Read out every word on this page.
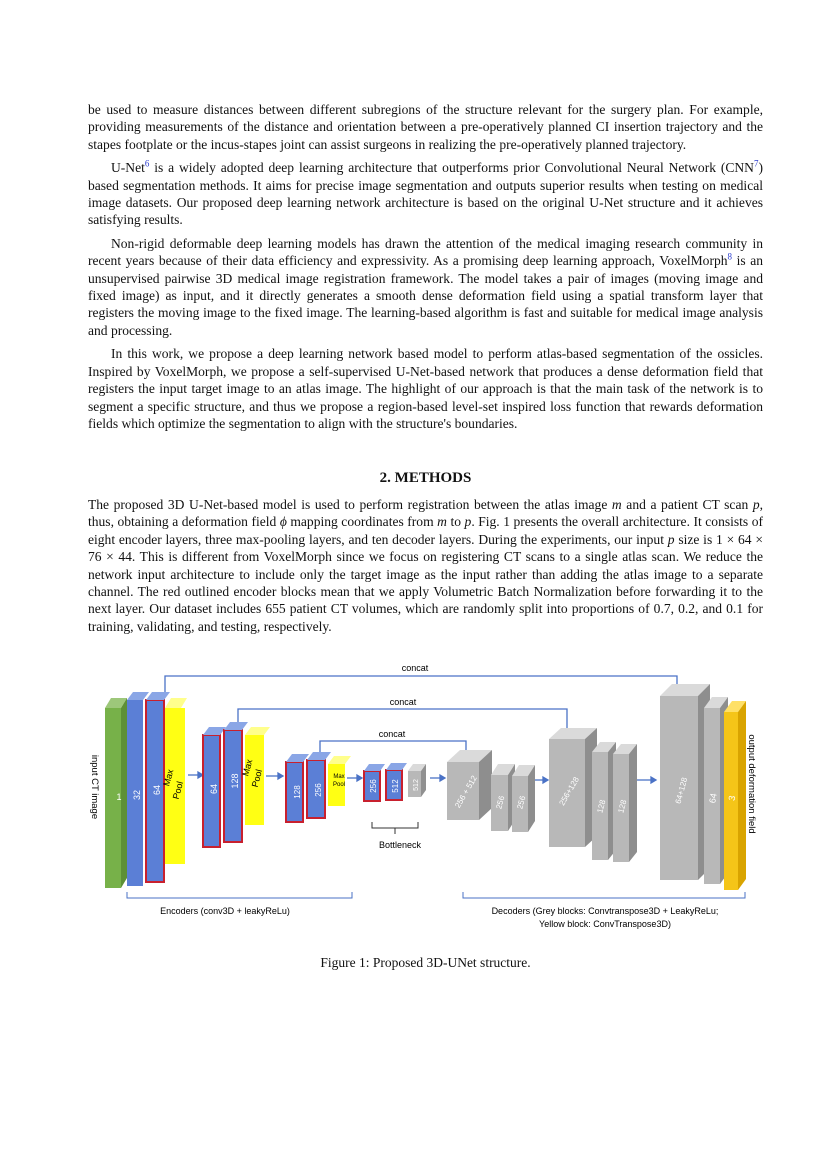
be used to measure distances between different subregions of the structure relevant for the surgery plan. For example, providing measurements of the distance and orientation between a pre-operatively planned CI insertion trajectory and the stapes footplate or the incus-stapes joint can assist surgeons in realizing the pre-operatively planned trajectory.

U-Net$^6$ is a widely adopted deep learning architecture that outperforms prior Convolutional Neural Network (CNN$^7$) based segmentation methods. It aims for precise image segmentation and outputs superior results when testing on medical image datasets. Our proposed deep learning network architecture is based on the original U-Net structure and it achieves satisfying results.

Non-rigid deformable deep learning models has drawn the attention of the medical imaging research community in recent years because of their data efficiency and expressivity. As a promising deep learning approach, VoxelMorph$^8$ is an unsupervised pairwise 3D medical image registration framework. The model takes a pair of images (moving image and fixed image) as input, and it directly generates a smooth dense deformation field using a spatial transform layer that registers the moving image to the fixed image. The learning-based algorithm is fast and suitable for medical image analysis and processing.

In this work, we propose a deep learning network based model to perform atlas-based segmentation of the ossicles. Inspired by VoxelMorph, we propose a self-supervised U-Net-based network that produces a dense deformation field that registers the input target image to an atlas image. The highlight of our approach is that the main task of the network is to segment a specific structure, and thus we propose a region-based level-set inspired loss function that rewards deformation fields which optimize the segmentation to align with the structure's boundaries.

2. METHODS

The proposed 3D U-Net-based model is used to perform registration between the atlas image m and a patient CT scan p, thus, obtaining a deformation field ϕ mapping coordinates from m to p. Fig. 1 presents the overall architecture. It consists of eight encoder layers, three max-pooling layers, and ten decoder layers. During the experiments, our input p size is 1 × 64 × 76 × 44. This is different from VoxelMorph since we focus on registering CT scans to a single atlas scan. We reduce the network input architecture to include only the target image as the input rather than adding the atlas image to a separate channel. The red outlined encoder blocks mean that we apply Volumetric Batch Normalization before forwarding it to the next layer. Our dataset includes 655 patient CT volumes, which are randomly split into proportions of 0.7, 0.2, and 0.1 for training, validating, and testing, respectively.

concat
concat
concat
1 32 64
Max
Pool	64
128
Max
Pool
128 256
Max
Pool	256 512 512
Bottleneck
256 + 512 256 256	256+128 128 128
64+128 64 3
input CT image	output deformation field
Encoders (conv3D + leakyReLu)	Decoders (Grey blocks: Convtranspose3D + LeakyReLu;
Yellow block: ConvTranspose3D)
Figure 1: Proposed 3D-UNet structure.
